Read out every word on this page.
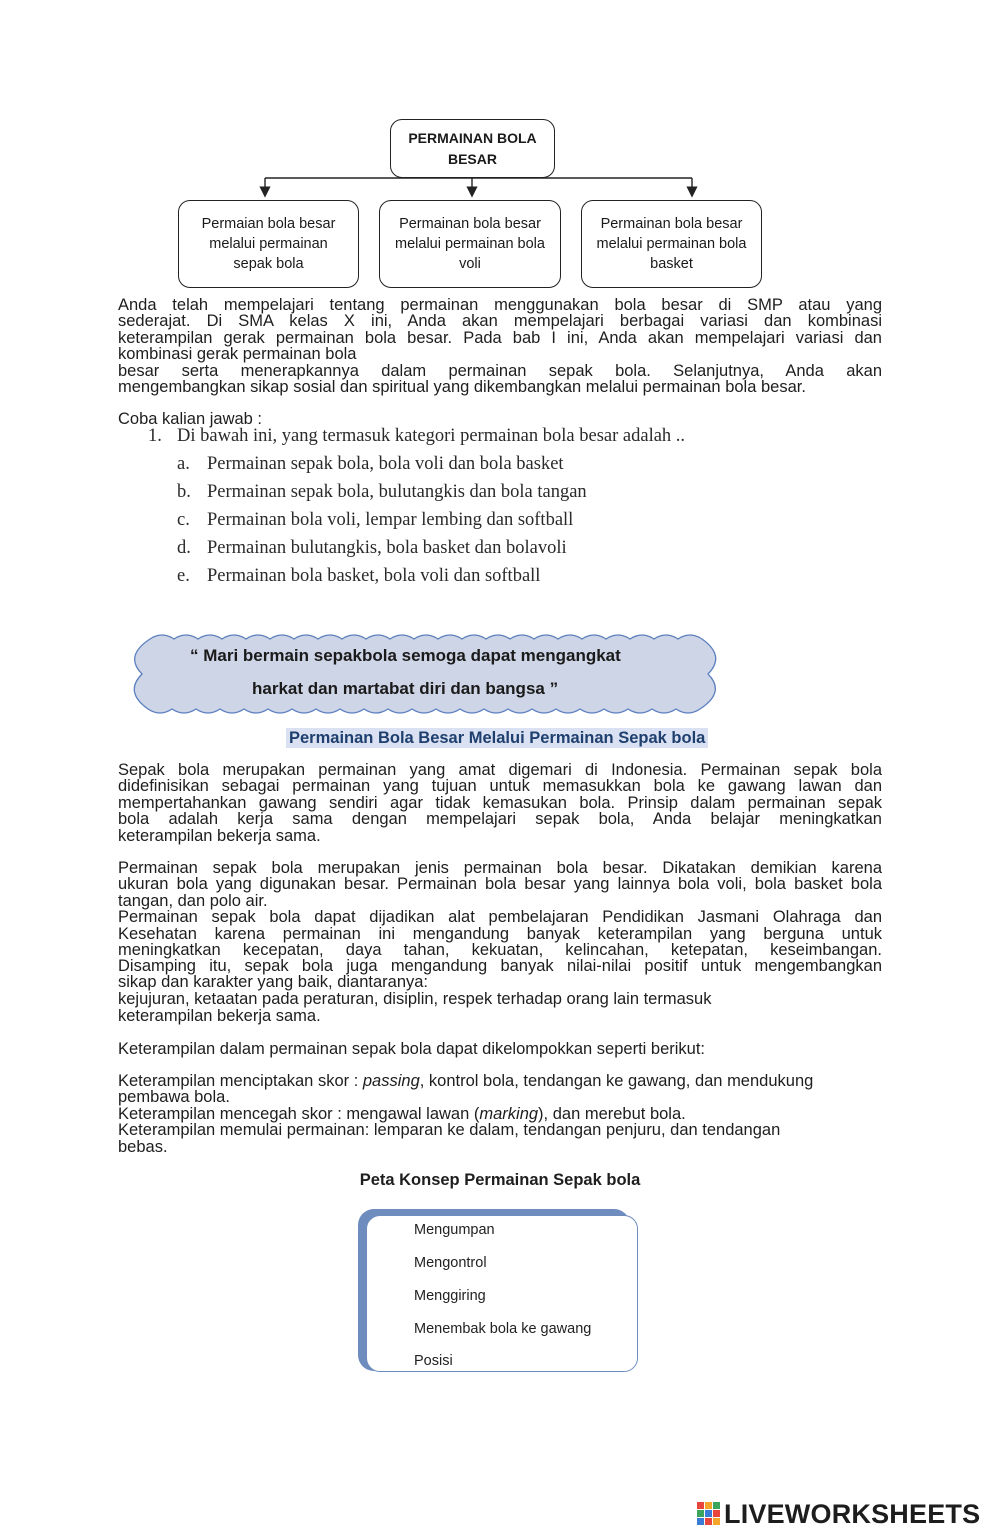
PERMAINAN BOLA BESAR
Permaian bola besar melalui permainan sepak bola
Permainan bola besar melalui permainan bola voli
Permainan bola besar melalui permainan bola basket
Anda telah mempelajari tentang permainan menggunakan bola besar di SMP atau yang
sederajat. Di SMA kelas X ini, Anda akan mempelajari berbagai variasi dan kombinasi
keterampilan gerak permainan bola besar. Pada bab I ini, Anda akan mempelajari variasi dan
kombinasi gerak permainan bola
besar serta menerapkannya dalam permainan sepak bola. Selanjutnya, Anda akan
mengembangkan sikap sosial dan spiritual yang dikembangkan melalui permainan bola besar.
Coba kalian jawab :
1. Di bawah ini, yang termasuk kategori permainan bola besar adalah ..
a. Permainan sepak bola, bola voli dan bola basket
b. Permainan sepak bola, bulutangkis dan bola tangan
c. Permainan bola voli, lempar lembing dan softball
d. Permainan bulutangkis, bola basket dan bolavoli
e. Permainan bola basket, bola voli dan softball
“ Mari bermain sepakbola semoga dapat mengangkat
harkat dan martabat diri dan bangsa ”
Permainan Bola Besar Melalui Permainan Sepak bola
Sepak bola merupakan permainan yang amat digemari di Indonesia. Permainan sepak bola
didefinisikan sebagai permainan yang tujuan untuk memasukkan bola ke gawang lawan dan
mempertahankan gawang sendiri agar tidak kemasukan bola. Prinsip dalam permainan sepak
bola adalah kerja sama dengan mempelajari sepak bola, Anda belajar meningkatkan
keterampilan bekerja sama.
Permainan sepak bola merupakan jenis permainan bola besar. Dikatakan demikian karena
ukuran bola yang digunakan besar. Permainan bola besar yang lainnya bola voli, bola basket bola
tangan, dan polo air.
Permainan sepak bola dapat dijadikan alat pembelajaran Pendidikan Jasmani Olahraga dan
Kesehatan karena permainan ini mengandung banyak keterampilan yang berguna untuk
meningkatkan kecepatan, daya tahan, kekuatan, kelincahan, ketepatan, keseimbangan.
Disamping itu, sepak bola juga mengandung banyak nilai-nilai positif untuk mengembangkan
sikap dan karakter yang baik, diantaranya:
kejujuran, ketaatan pada peraturan, disiplin, respek terhadap orang lain termasuk
keterampilan bekerja sama.
Keterampilan dalam permainan sepak bola dapat dikelompokkan seperti berikut:
Keterampilan menciptakan skor : passing, kontrol bola, tendangan ke gawang, dan mendukung
pembawa bola.
Keterampilan mencegah skor : mengawal lawan (marking), dan merebut bola.
Keterampilan memulai permainan: lemparan ke dalam, tendangan penjuru, dan tendangan
bebas.
Peta Konsep Permainan Sepak bola
Mengumpan
Mengontrol
Menggiring
Menembak bola ke gawang
Posisi
LIVEWORKSHEETS
